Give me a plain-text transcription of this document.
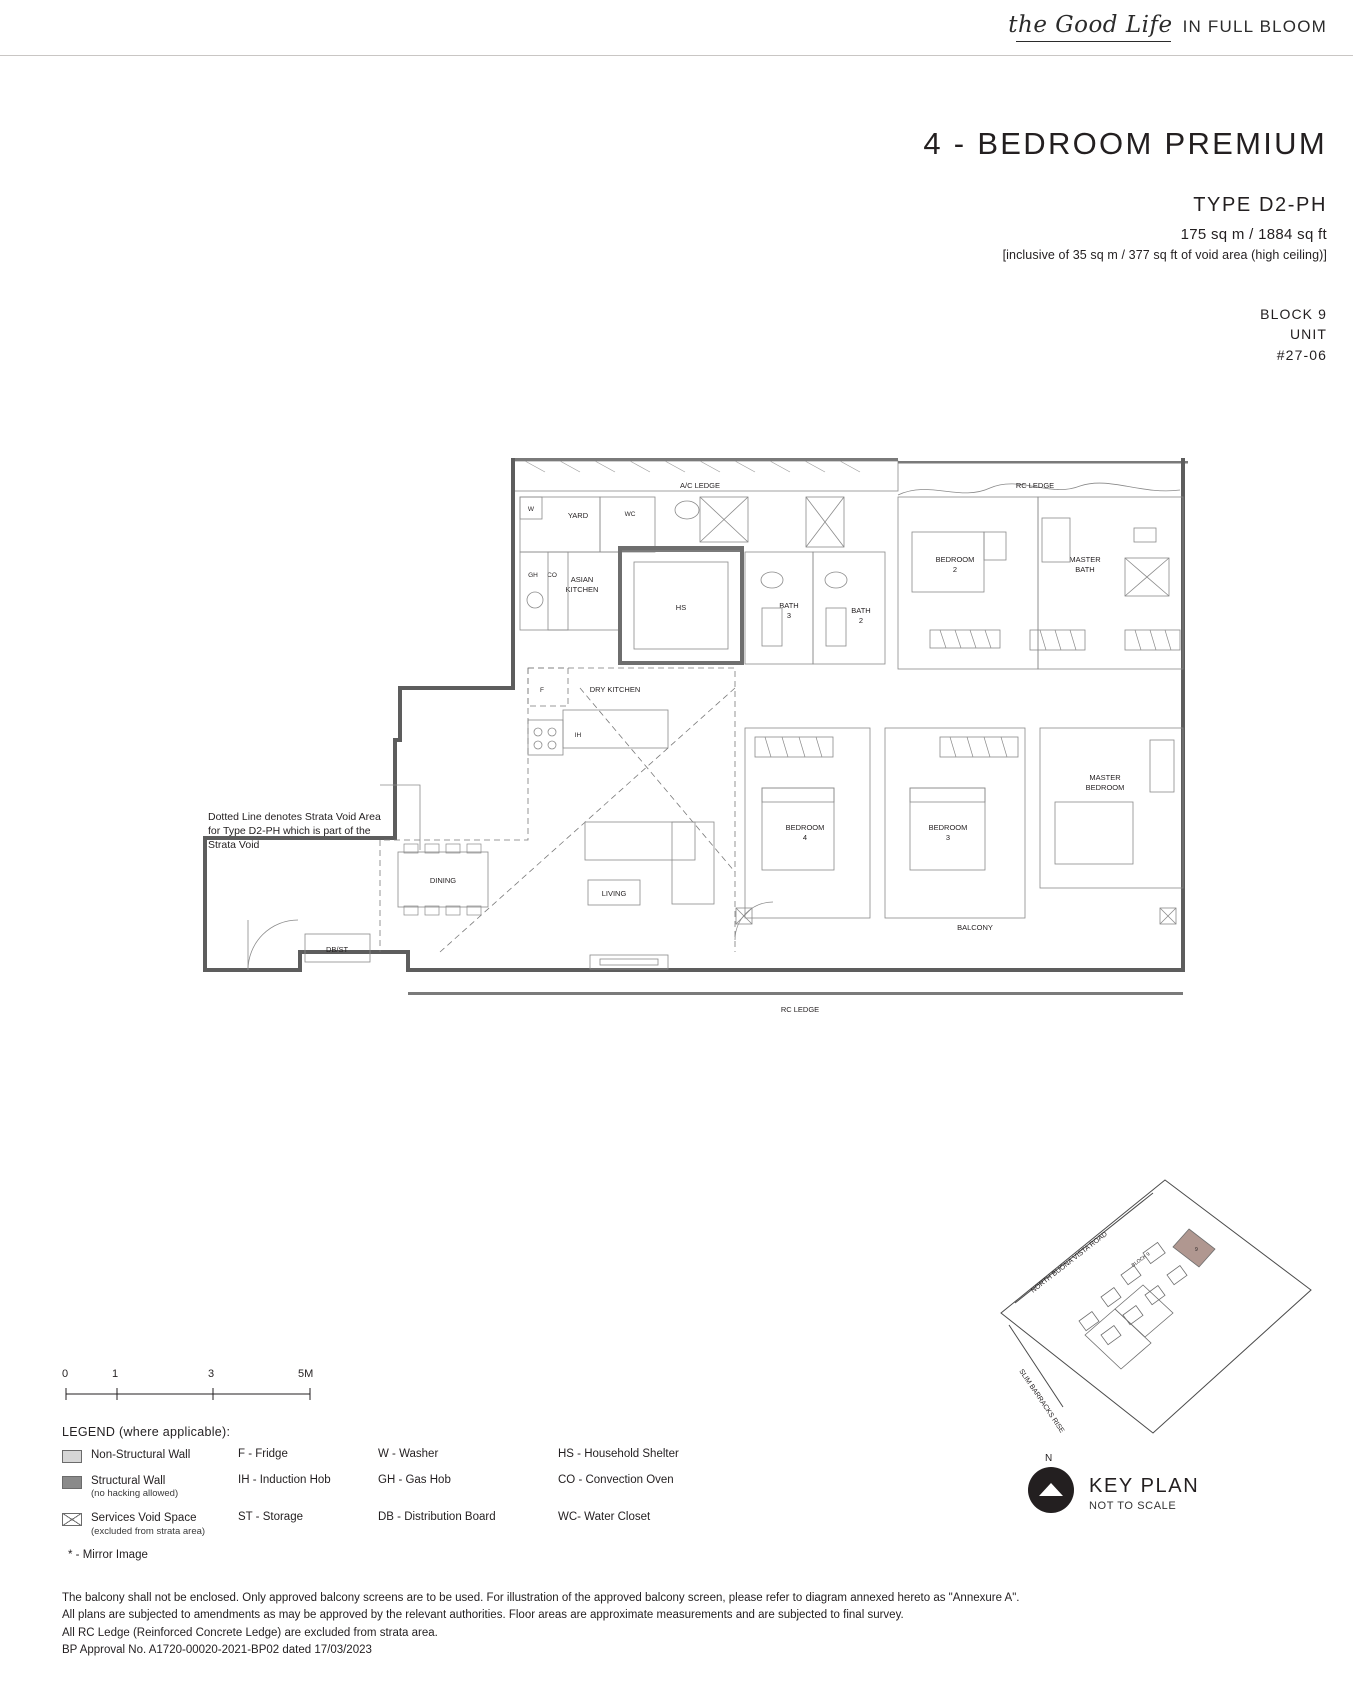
the Good Life IN FULL BLOOM
4 - BEDROOM PREMIUM
TYPE D2-PH
175 sq m / 1884 sq ft
[inclusive of 35 sq m / 377 sq ft of void area (high ceiling)]
BLOCK 9
UNIT
#27-06
A/C LEDGE	RC LEDGE
W
YARD	WC
GH CO ASIAN
KITCHEN
HS	BATH
3
BATH
2
BEDROOM
2
MASTER
BATH
F	DRY KITCHEN
IH
BEDROOM
4
BEDROOM
3
MASTER
BEDROOM
DINING
LIVING
DB/ST
BALCONY
RC LEDGE
Dotted Line denotes Strata Void Area for Type D2-PH which is part of the Strata Void
0	1	3	5M
LEGEND (where applicable):
Non-Structural Wall	F - Fridge	W - Washer	HS - Household Shelter
Structural Wall
(no hacking allowed)
IH - Induction Hob	GH - Gas Hob	CO - Convection Oven
Services Void Space
(excluded from strata area)
ST - Storage	DB - Distribution Board	WC- Water Closet
* - Mirror Image
NORTH BUONA VISTA ROAD
SLIM BARRACKS RISE
9
BLOCK 9
N
KEY PLAN
NOT TO SCALE
The balcony shall not be enclosed. Only approved balcony screens are to be used. For illustration of the approved balcony screen, please refer to diagram annexed hereto as "Annexure A".
All plans are subjected to amendments as may be approved by the relevant authorities. Floor areas are approximate measurements and are subjected to final survey.
All RC Ledge (Reinforced Concrete Ledge) are excluded from strata area.
BP Approval No. A1720-00020-2021-BP02 dated 17/03/2023
